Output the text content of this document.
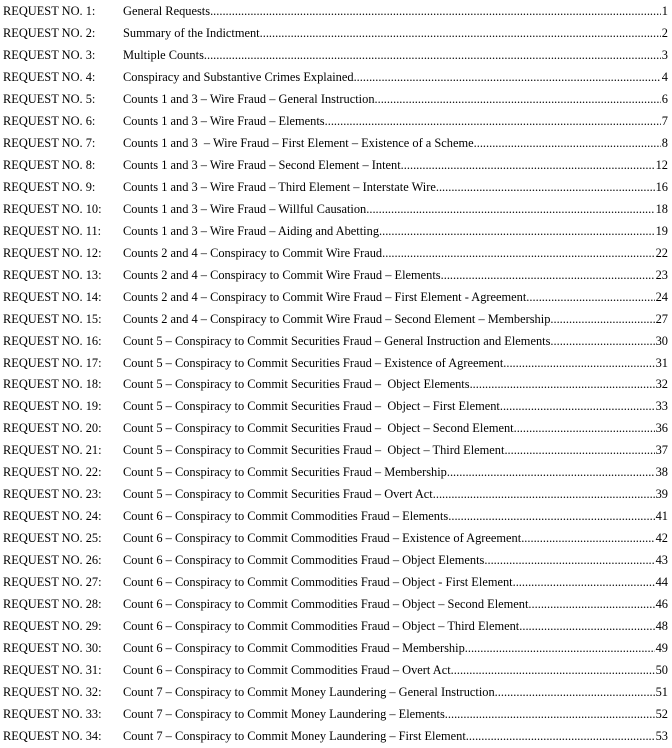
REQUEST NO. 1:	General Requests .....	1
REQUEST NO. 2:	Summary of the Indictment .....	2
REQUEST NO. 3:	Multiple Counts .....	3
REQUEST NO. 4:	Conspiracy and Substantive Crimes Explained .....	4
REQUEST NO. 5:	Counts 1 and 3 – Wire Fraud – General Instruction .....	6
REQUEST NO. 6:	Counts 1 and 3 – Wire Fraud – Elements .....	7
REQUEST NO. 7:	Counts 1 and 3  – Wire Fraud – First Element – Existence of a Scheme .....	8
REQUEST NO. 8:	Counts 1 and 3 – Wire Fraud – Second Element – Intent .....	12
REQUEST NO. 9:	Counts 1 and 3 – Wire Fraud – Third Element – Interstate Wire .....	16
REQUEST NO. 10:	Counts 1 and 3 – Wire Fraud – Willful Causation .....	18
REQUEST NO. 11:	Counts 1 and 3 – Wire Fraud – Aiding and Abetting .....	19
REQUEST NO. 12:	Counts 2 and 4 – Conspiracy to Commit Wire Fraud .....	22
REQUEST NO. 13:	Counts 2 and 4 – Conspiracy to Commit Wire Fraud – Elements .....	23
REQUEST NO. 14:	Counts 2 and 4 – Conspiracy to Commit Wire Fraud – First Element - Agreement .....	24
REQUEST NO. 15:	Counts 2 and 4 – Conspiracy to Commit Wire Fraud – Second Element – Membership .....	27
REQUEST NO. 16:	Count 5 – Conspiracy to Commit Securities Fraud – General Instruction and Elements .....	30
REQUEST NO. 17:	Count 5 – Conspiracy to Commit Securities Fraud – Existence of Agreement .....	31
REQUEST NO. 18:	Count 5 – Conspiracy to Commit Securities Fraud –  Object Elements .....	32
REQUEST NO. 19:	Count 5 – Conspiracy to Commit Securities Fraud –  Object – First Element .....	33
REQUEST NO. 20:	Count 5 – Conspiracy to Commit Securities Fraud –  Object – Second Element .....	36
REQUEST NO. 21:	Count 5 – Conspiracy to Commit Securities Fraud –  Object – Third Element .....	37
REQUEST NO. 22:	Count 5 – Conspiracy to Commit Securities Fraud – Membership .....	38
REQUEST NO. 23:	Count 5 – Conspiracy to Commit Securities Fraud – Overt Act .....	39
REQUEST NO. 24:	Count 6 – Conspiracy to Commit Commodities Fraud – Elements .....	41
REQUEST NO. 25:	Count 6 – Conspiracy to Commit Commodities Fraud – Existence of Agreement .....	42
REQUEST NO. 26:	Count 6 – Conspiracy to Commit Commodities Fraud – Object Elements .....	43
REQUEST NO. 27:	Count 6 – Conspiracy to Commit Commodities Fraud – Object - First Element .....	44
REQUEST NO. 28:	Count 6 – Conspiracy to Commit Commodities Fraud – Object – Second Element .....	46
REQUEST NO. 29:	Count 6 – Conspiracy to Commit Commodities Fraud – Object – Third Element .....	48
REQUEST NO. 30:	Count 6 – Conspiracy to Commit Commodities Fraud – Membership .....	49
REQUEST NO. 31:	Count 6 – Conspiracy to Commit Commodities Fraud – Overt Act .....	50
REQUEST NO. 32:	Count 7 – Conspiracy to Commit Money Laundering – General Instruction .....	51
REQUEST NO. 33:	Count 7 – Conspiracy to Commit Money Laundering – Elements .....	52
REQUEST NO. 34:	Count 7 – Conspiracy to Commit Money Laundering – First Element .....	53
